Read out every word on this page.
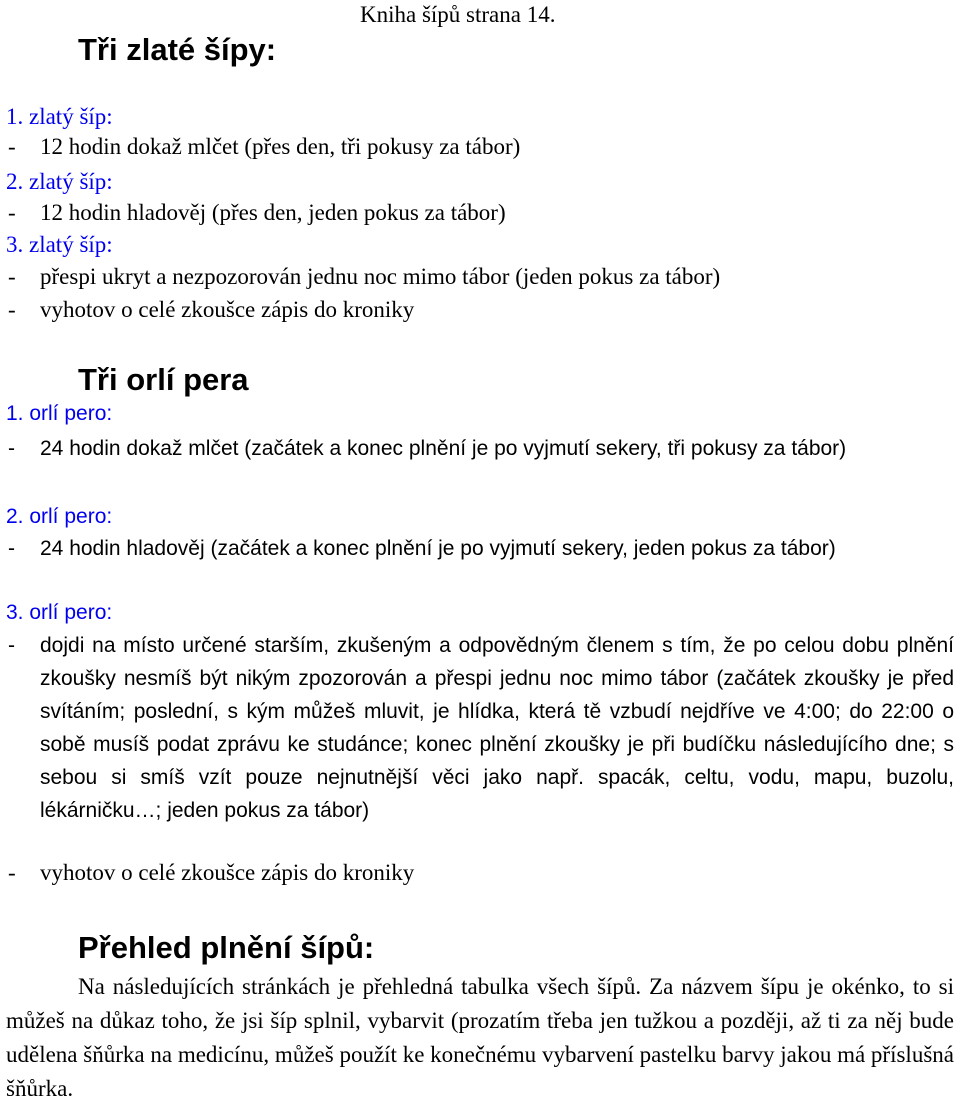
Kniha šípů strana 14.
Tři zlaté šípy:
1. zlatý šíp:
- 12 hodin dokaž mlčet (přes den, tři pokusy za tábor)
2. zlatý šíp:
- 12 hodin hladověj (přes den, jeden pokus za tábor)
3. zlatý šíp:
- přespi ukryt a nezpozorován jednu noc mimo tábor (jeden pokus za tábor)
- vyhotov o celé zkoušce zápis do kroniky
Tři orlí pera
1. orlí pero:
- 24 hodin dokaž mlčet (začátek a konec plnění je po vyjmutí sekery, tři pokusy za tábor)
2. orlí pero:
- 24 hodin hladověj (začátek a konec plnění je po vyjmutí sekery, jeden pokus za tábor)
3. orlí pero:
- dojdi na místo určené starším, zkušeným a odpovědným členem s tím, že po celou dobu plnění zkoušky nesmíš být nikým zpozorován a přespi jednu noc mimo tábor (začátek zkoušky je před svítáním; poslední, s kým můžeš mluvit, je hlídka, která tě vzbudí nejdříve ve 4:00; do 22:00 o sobě musíš podat zprávu ke studánce; konec plnění zkoušky je při budíčku následujícího dne; s sebou si smíš vzít pouze nejnutnější věci jako např. spacák, celtu, vodu, mapu, buzolu, lékárničku…; jeden pokus za tábor)
- vyhotov o celé zkoušce zápis do kroniky
Přehled plnění šípů:
Na následujících stránkách je přehledná tabulka všech šípů. Za názvem šípu je okénko, to si můžeš na důkaz toho, že jsi šíp splnil, vybarvit (prozatím třeba jen tužkou a později, až ti za něj bude udělena šňůrka na medicínu, můžeš použít ke konečnému vybarvení pastelku barvy jakou má příslušná šňůrka.
